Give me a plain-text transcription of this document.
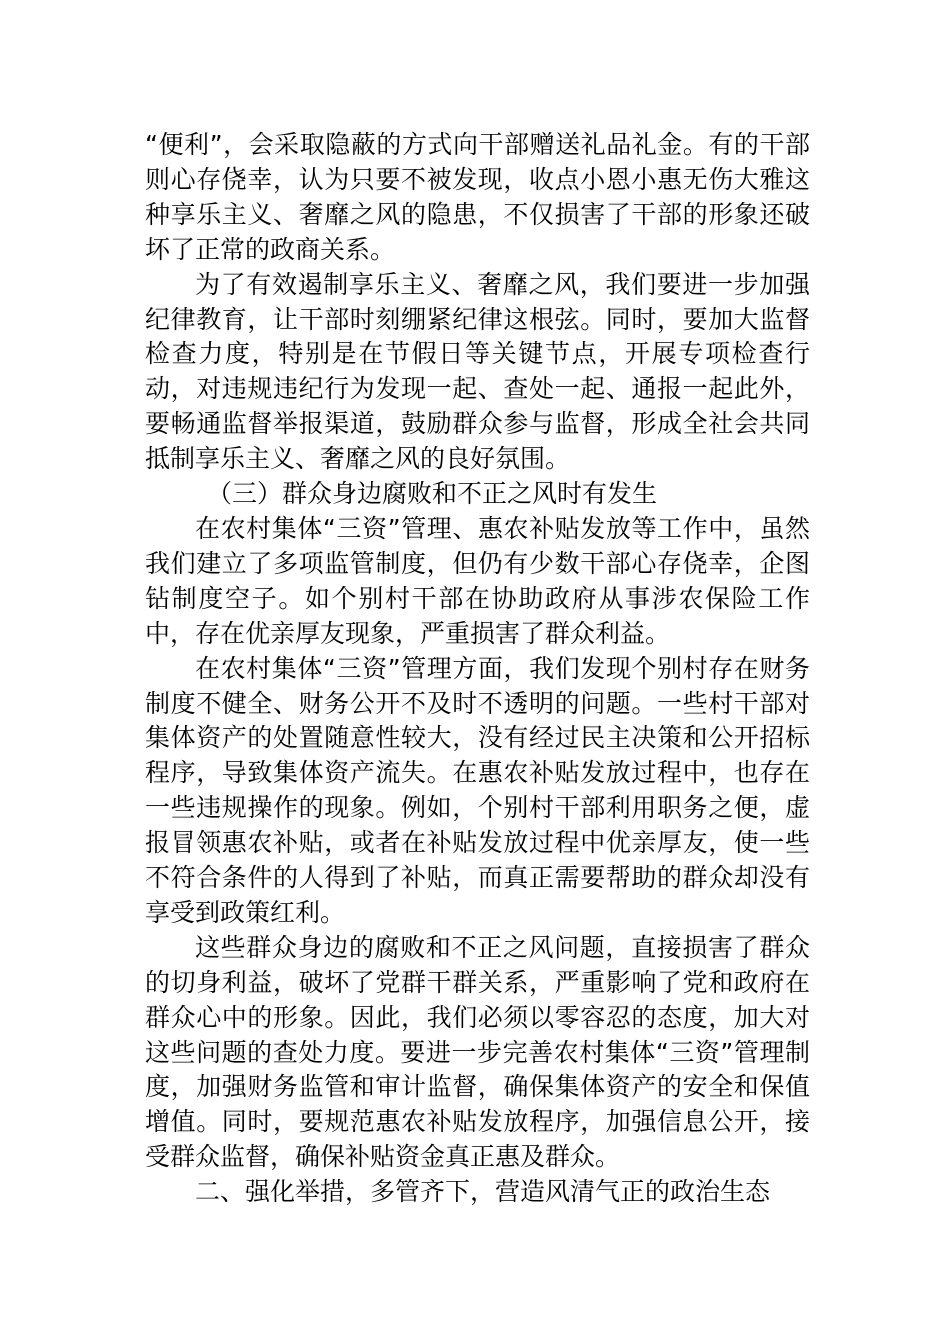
“便利”，会采取隐蔽的方式向干部赠送礼品礼金。有的干部则心存侥幸，认为只要不被发现，收点小恩小惠无伤大雅这种享乐主义、奢靡之风的隐患，不仅损害了干部的形象还破坏了正常的政商关系。

为了有效遏制享乐主义、奢靡之风，我们要进一步加强纪律教育，让干部时刻绷紧纪律这根弦。同时，要加大监督检查力度，特别是在节假日等关键节点，开展专项检查行动，对违规违纪行为发现一起、查处一起、通报一起此外，要畅通监督举报渠道，鼓励群众参与监督，形成全社会共同抵制享乐主义、奢靡之风的良好氛围。

（三）群众身边腐败和不正之风时有发生

在农村集体“三资”管理、惠农补贴发放等工作中，虽然我们建立了多项监管制度，但仍有少数干部心存侥幸，企图钻制度空子。如个别村干部在协助政府从事涉农保险工作中，存在优亲厚友现象，严重损害了群众利益。

在农村集体“三资”管理方面，我们发现个别村存在财务制度不健全、财务公开不及时不透明的问题。一些村干部对集体资产的处置随意性较大，没有经过民主决策和公开招标程序，导致集体资产流失。在惠农补贴发放过程中，也存在一些违规操作的现象。例如，个别村干部利用职务之便，虚报冒领惠农补贴，或者在补贴发放过程中优亲厚友，使一些不符合条件的人得到了补贴，而真正需要帮助的群众却没有享受到政策红利。

这些群众身边的腐败和不正之风问题，直接损害了群众的切身利益，破坏了党群干群关系，严重影响了党和政府在群众心中的形象。因此，我们必须以零容忍的态度，加大对这些问题的查处力度。要进一步完善农村集体“三资”管理制度，加强财务监管和审计监督，确保集体资产的安全和保值增值。同时，要规范惠农补贴发放程序，加强信息公开，接受群众监督，确保补贴资金真正惠及群众。

二、强化举措，多管齐下，营造风清气正的政治生态
